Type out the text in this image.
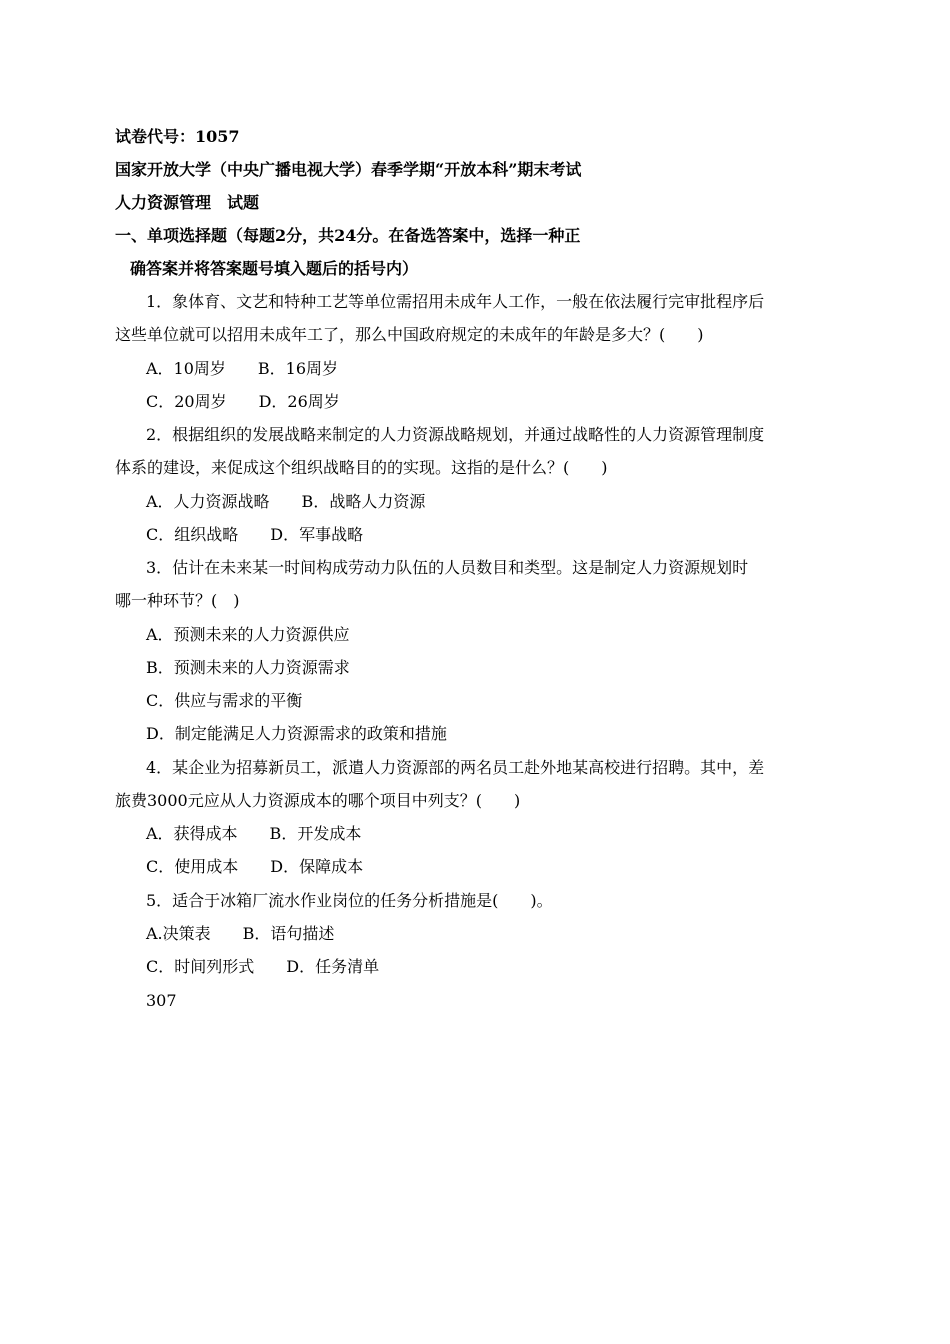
试卷代号：1057
国家开放大学（中央广播电视大学）春季学期“开放本科”期末考试
人力资源管理　试题
一、单项选择题（每题2分，共24分。在备选答案中，选择一种正
确答案并将答案题号填入题后的括号内）
1．象体育、文艺和特种工艺等单位需招用未成年人工作，一般在依法履行完审批程序后
这些单位就可以招用未成年工了，那么中国政府规定的未成年的年龄是多大？(　　)
A．10周岁　　B．16周岁
C．20周岁　　D．26周岁
2．根据组织的发展战略来制定的人力资源战略规划，并通过战略性的人力资源管理制度
体系的建设，来促成这个组织战略目的的实现。这指的是什么？(　　)
A．人力资源战略　　B．战略人力资源
C．组织战略　　D．军事战略
3．估计在未来某一时间构成劳动力队伍的人员数目和类型。这是制定人力资源规划时
哪一种环节？(　)
A．预测未来的人力资源供应
B．预测未来的人力资源需求
C．供应与需求的平衡
D．制定能满足人力资源需求的政策和措施
4．某企业为招募新员工，派遣人力资源部的两名员工赴外地某高校进行招聘。其中，差
旅费3000元应从人力资源成本的哪个项目中列支？(　　)
A．获得成本　　B．开发成本
C．使用成本　　D．保障成本
5．适合于冰箱厂流水作业岗位的任务分析措施是(　　)。
A.决策表　　B．语句描述
C．时间列形式　　D．任务清单
307
